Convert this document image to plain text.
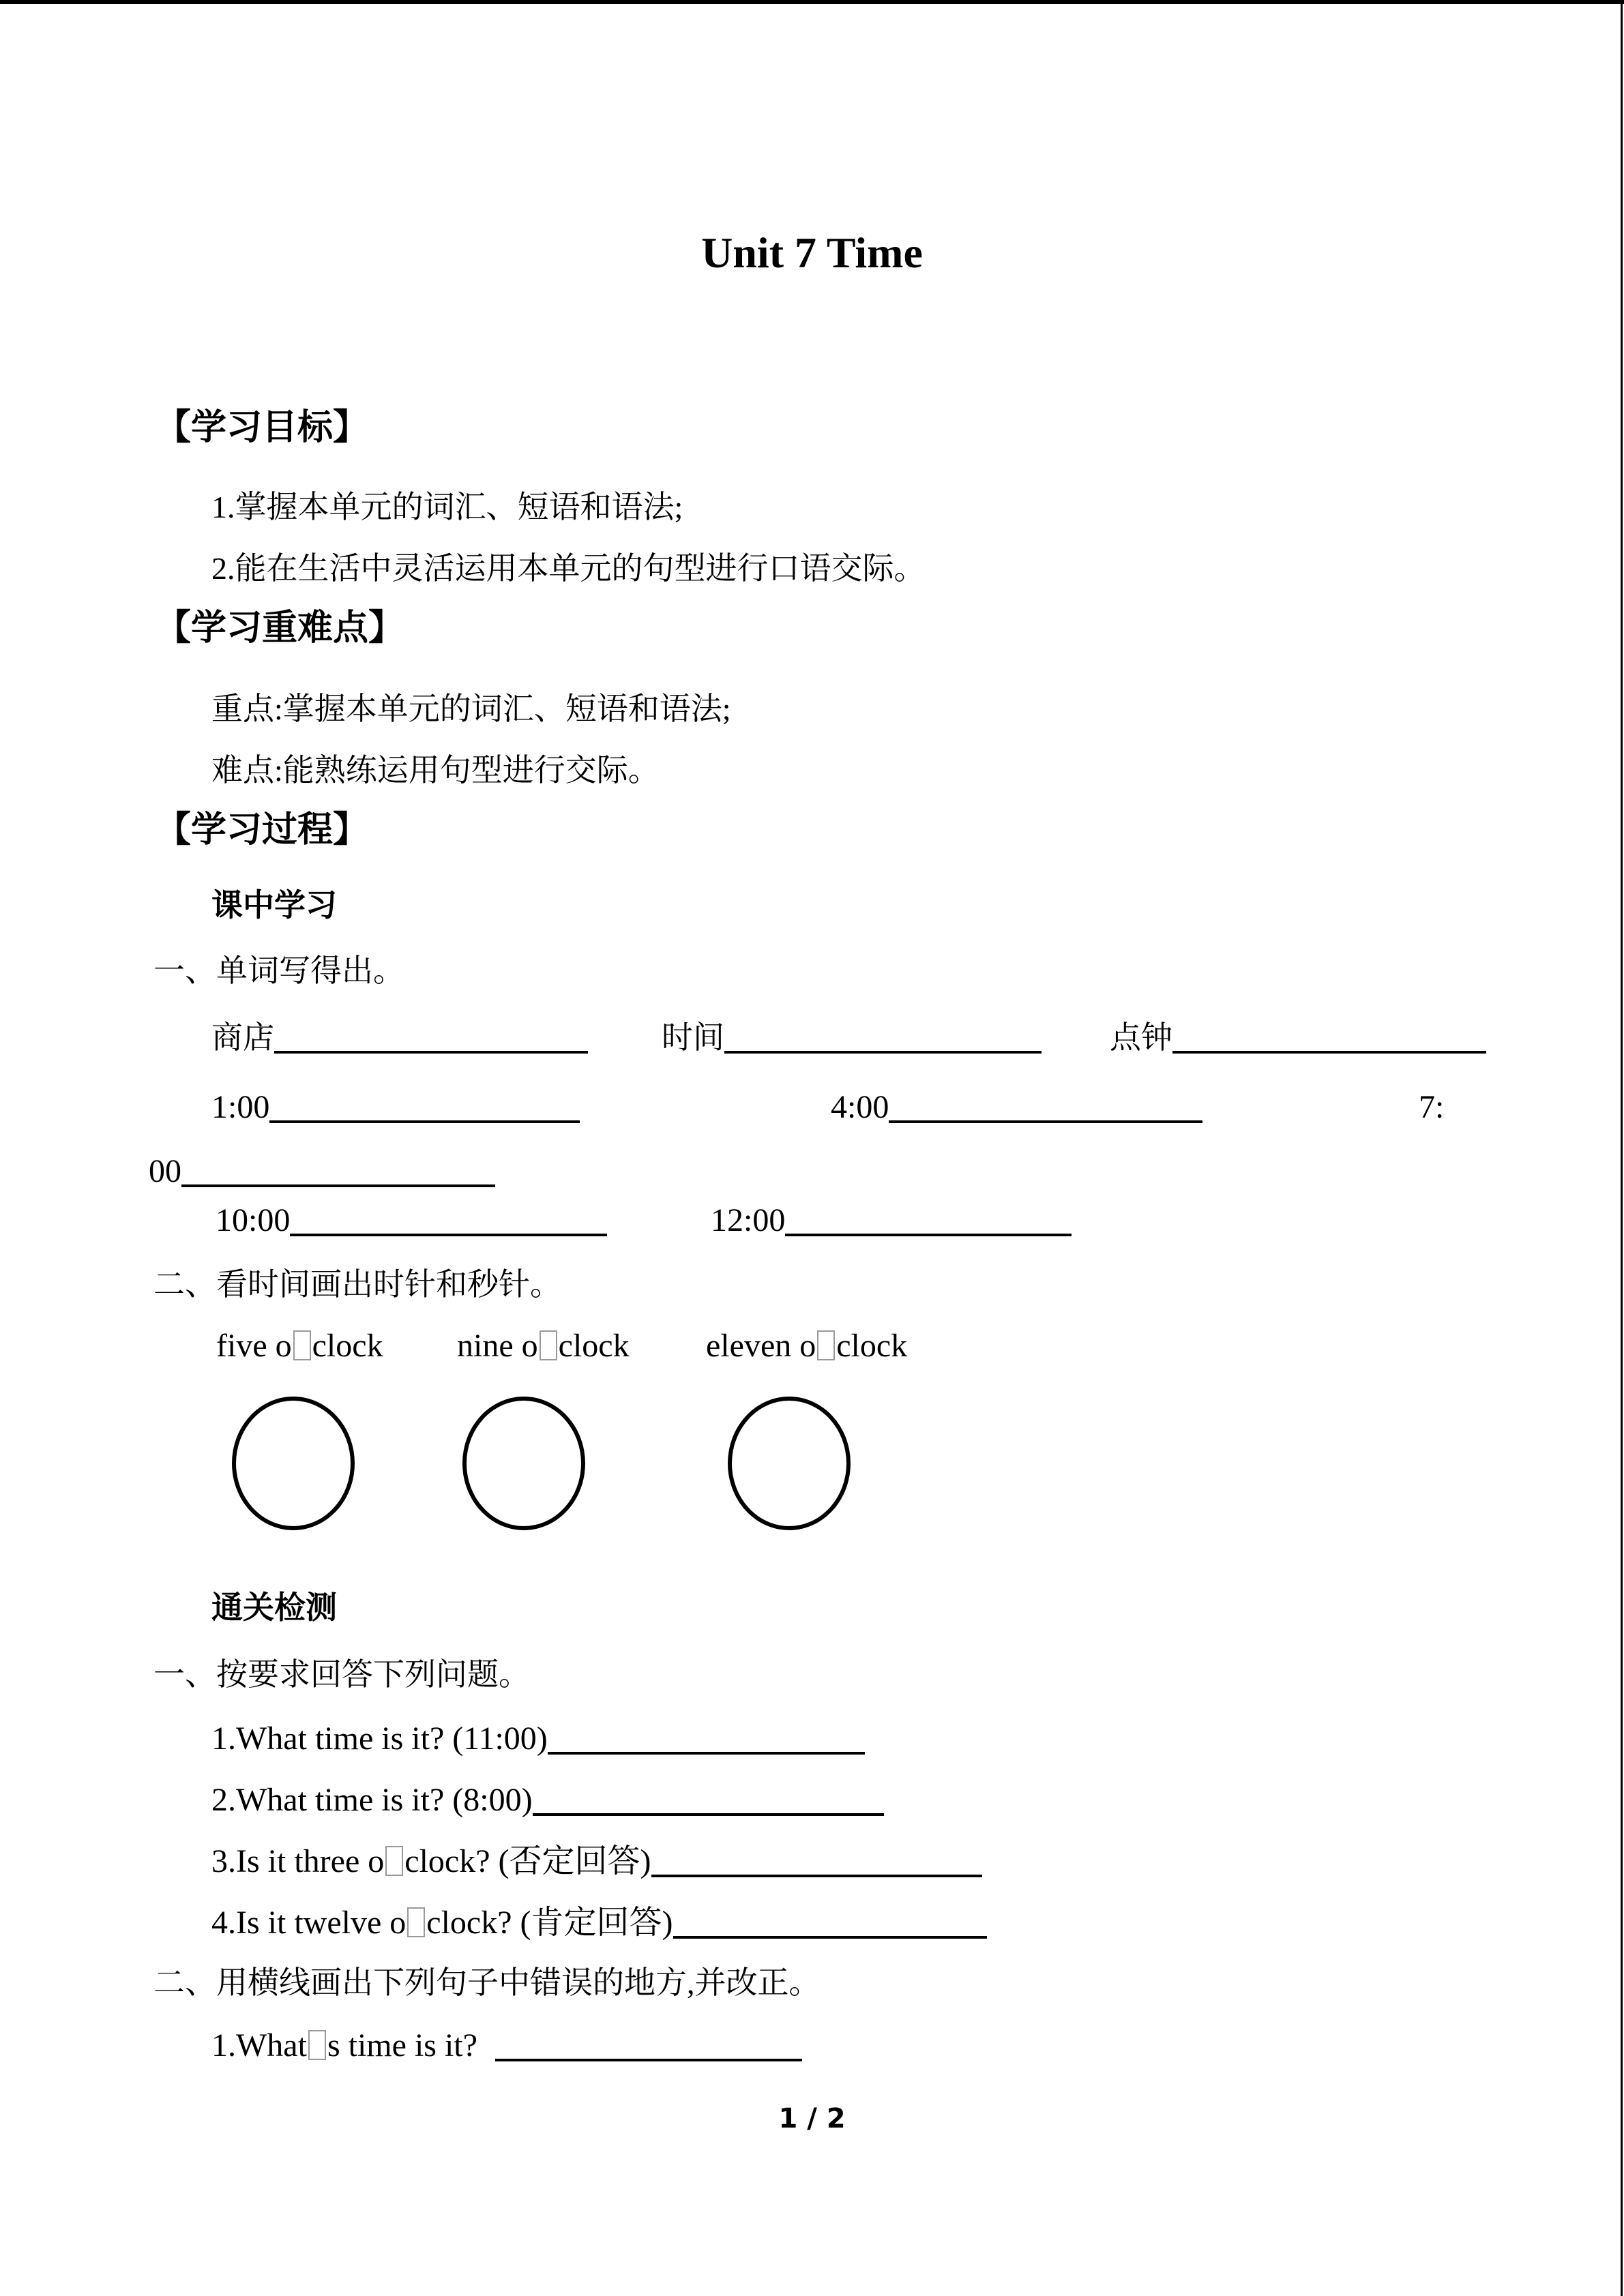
Unit 7 Time
【学习目标】
1.掌握本单元的词汇、短语和语法;
2.能在生活中灵活运用本单元的句型进行口语交际。
【学习重难点】
重点:掌握本单元的词汇、短语和语法;
难点:能熟练运用句型进行交际。
【学习过程】
课中学习
一、单词写得出。
商店	时间	点钟
1:00	4:00	7:
00
10:00	12:00
二、看时间画出时针和秒针。
five o clock nine o clock eleven o clock
通关检测
一、按要求回答下列问题。
1.What time is it? (11:00)
2.What time is it? (8:00)
3.Is it three o clock? (否定回答)
4.Is it twelve o clock? (肯定回答)
二、用横线画出下列句子中错误的地方,并改正。
1.What s time is it?
1 / 2
